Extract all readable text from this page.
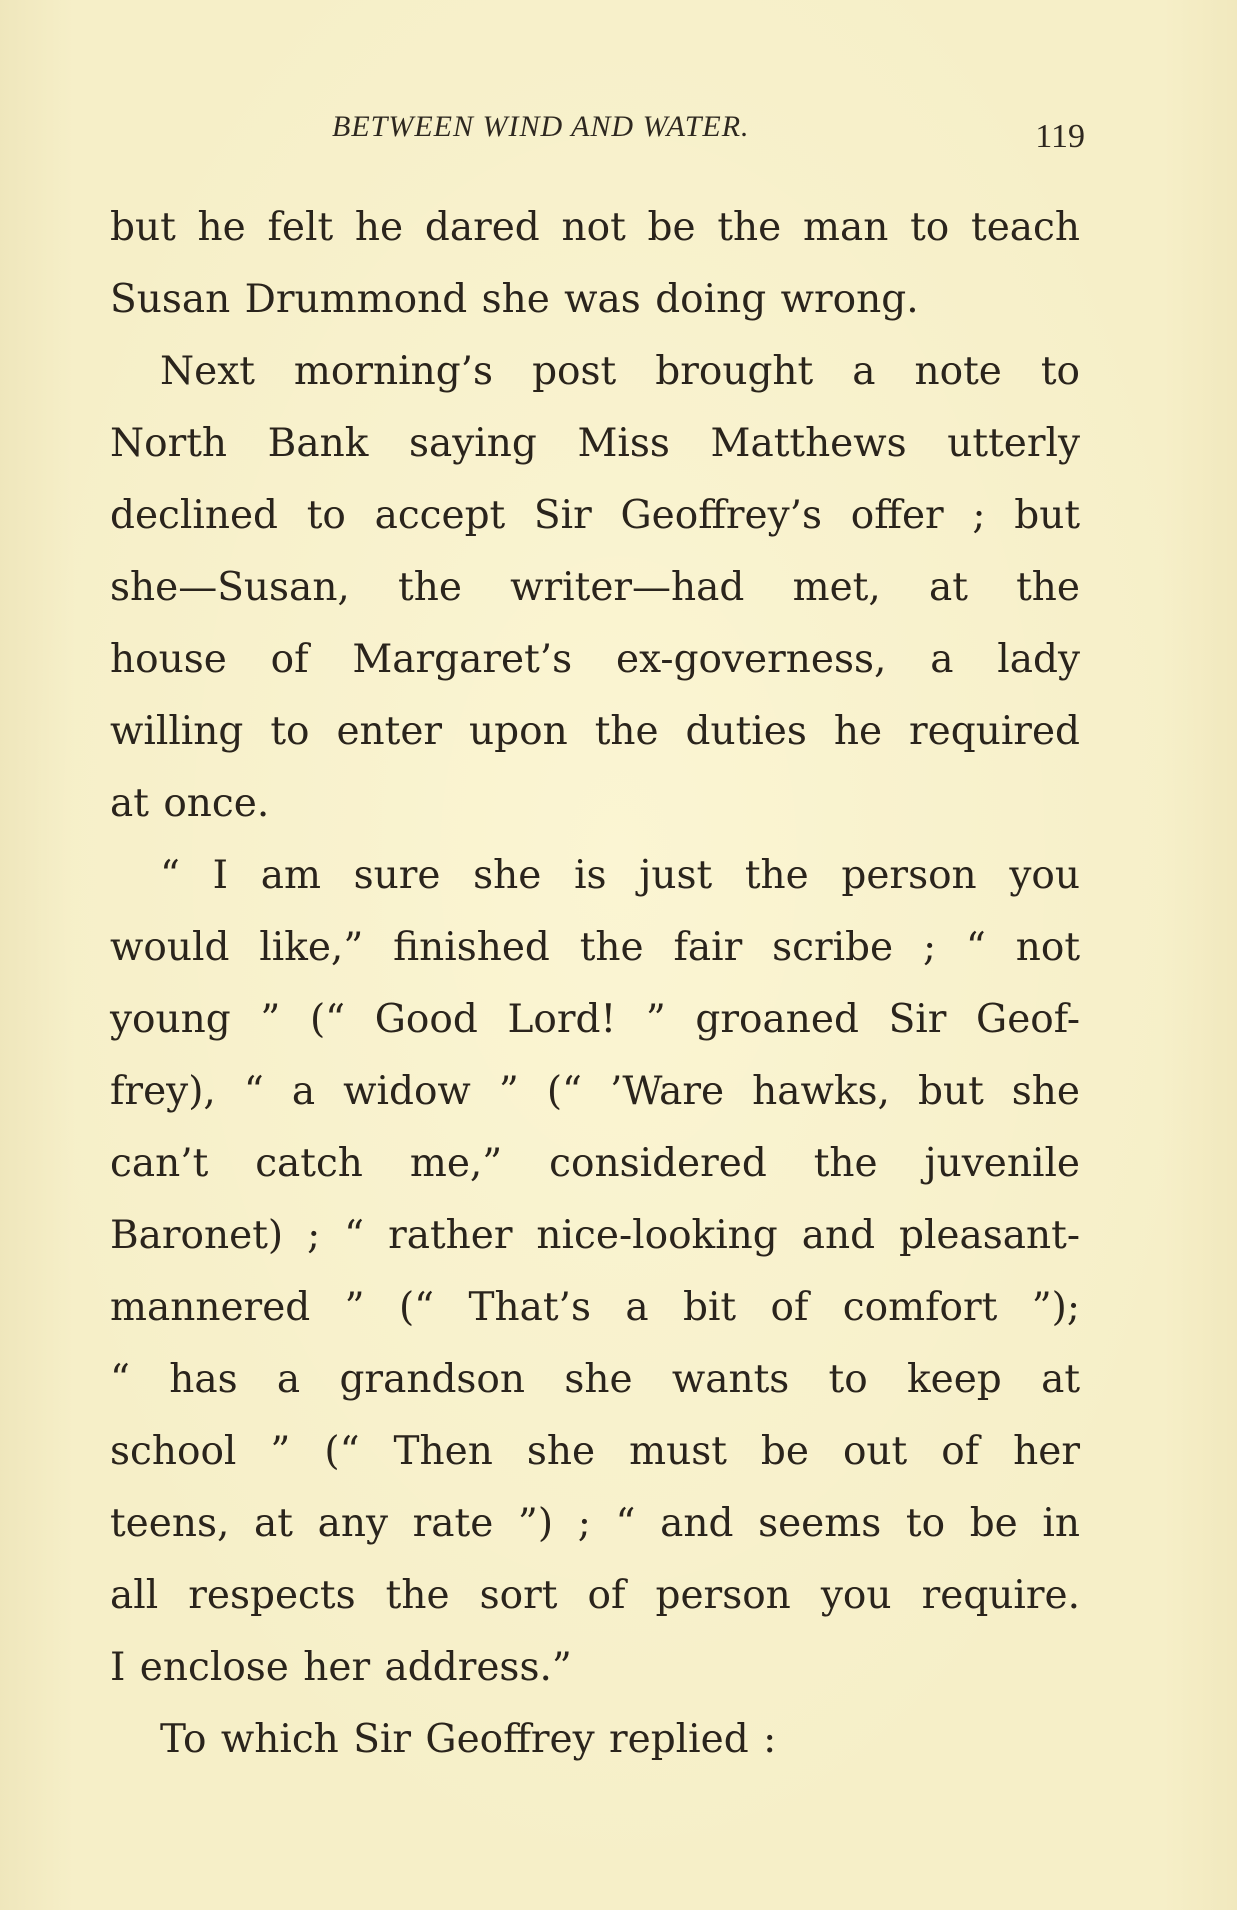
BETWEEN WIND AND WATER.	119
but he felt he dared not be the man to teach
Susan Drummond she was doing wrong.
Next morning’s post brought a note to
North Bank saying Miss Matthews utterly
declined to accept Sir Geoffrey’s offer ; but
she—Susan, the writer—had met, at the
house of Margaret’s ex-governess, a lady
willing to enter upon the duties he required
at once.
“ I am sure she is just the person you
would like,” finished the fair scribe ; “ not
young ” (“ Good Lord! ” groaned Sir Geof-
frey), “ a widow ” (“ ’Ware hawks, but she
can’t catch me,” considered the juvenile
Baronet) ; “ rather nice-looking and pleasant-
mannered ” (“ That’s a bit of comfort ”);
“ has a grandson she wants to keep at
school ” (“ Then she must be out of her
teens, at any rate ”) ; “ and seems to be in
all respects the sort of person you require.
I enclose her address.”
To which Sir Geoffrey replied :
